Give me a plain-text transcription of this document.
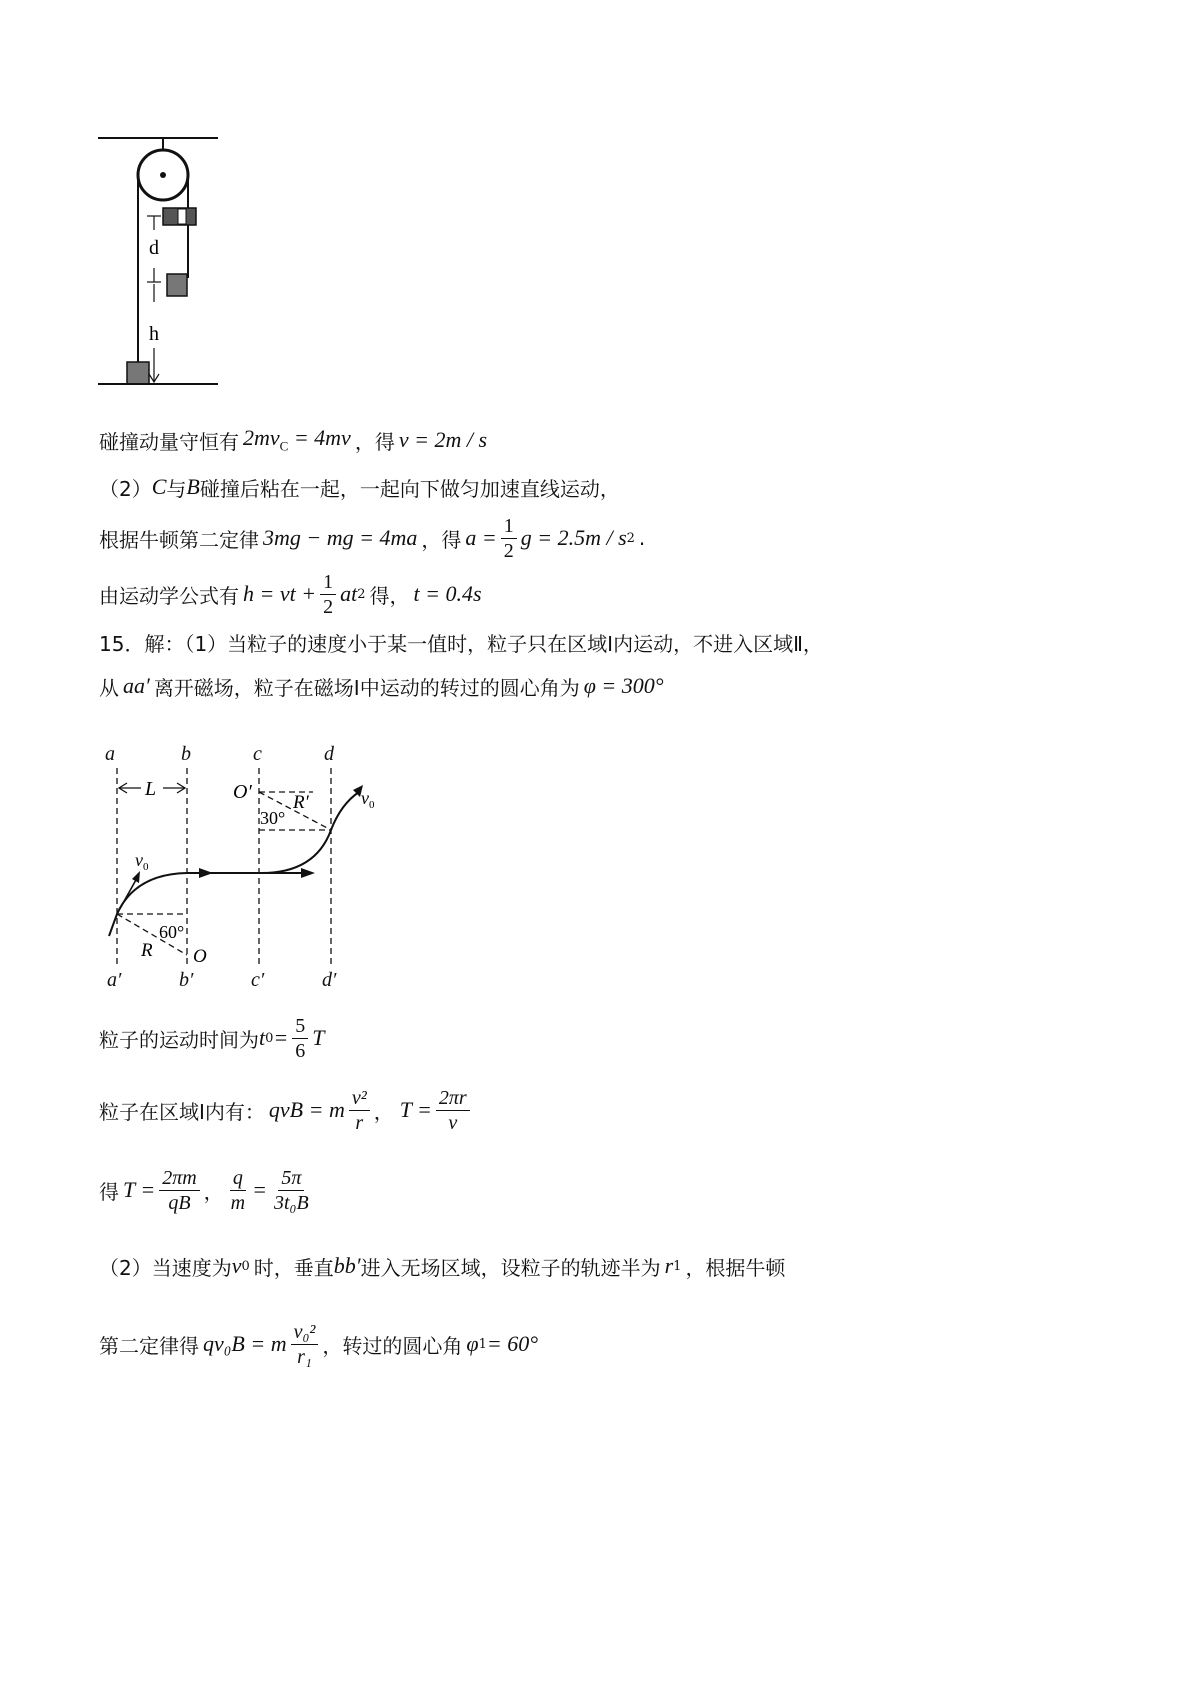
d
h
碰撞动量守恒有 $2mv_C = 4mv$ ，得 v = 2m / s
（2） C 与 B 碰撞后粘在一起，一起向下做匀加速直线运动，
根据牛顿第二定律 3mg − mg = 4ma ，得 $a = \frac{1}{2}$ g = 2.5m / s 2 .
由运动学公式有 h = vt + $\frac{1}{2}$ at 2 得， t = 0.4s
15．解：（1）当粒子的速度小于某一值时，粒子只在区域Ⅰ内运动，不进入区域Ⅱ，
从 aa′ 离开磁场，粒子在磁场Ⅰ中运动的转过的圆心角为 φ = 300°
a	b	c	d
a′	b′	c′	d′
L	O′ R′
30°
$v_0$
$v_0$
60°
R O
粒子的运动时间为 t $0 = \frac{5}{6}$ T
粒子在区域Ⅰ内有： qvB = m $\frac{\text{v²}}{r}$ ， $T = \frac{2\pi r}{v}$
得 $T = \frac{2\pi m}{qB}$ ， $\frac{q}{m} = \frac{5\pi}{\text{3t₀B}}$
（2）当速度为 v 0 时，垂直 bb′ 进入无场区域，设粒子的轨迹半为 r 1 ，根据牛顿
第二定律得 qv₀B = m $\frac{\text{v₀²}}{\text{r₁}}$ ，转过的圆心角 φ 1 = 60°
